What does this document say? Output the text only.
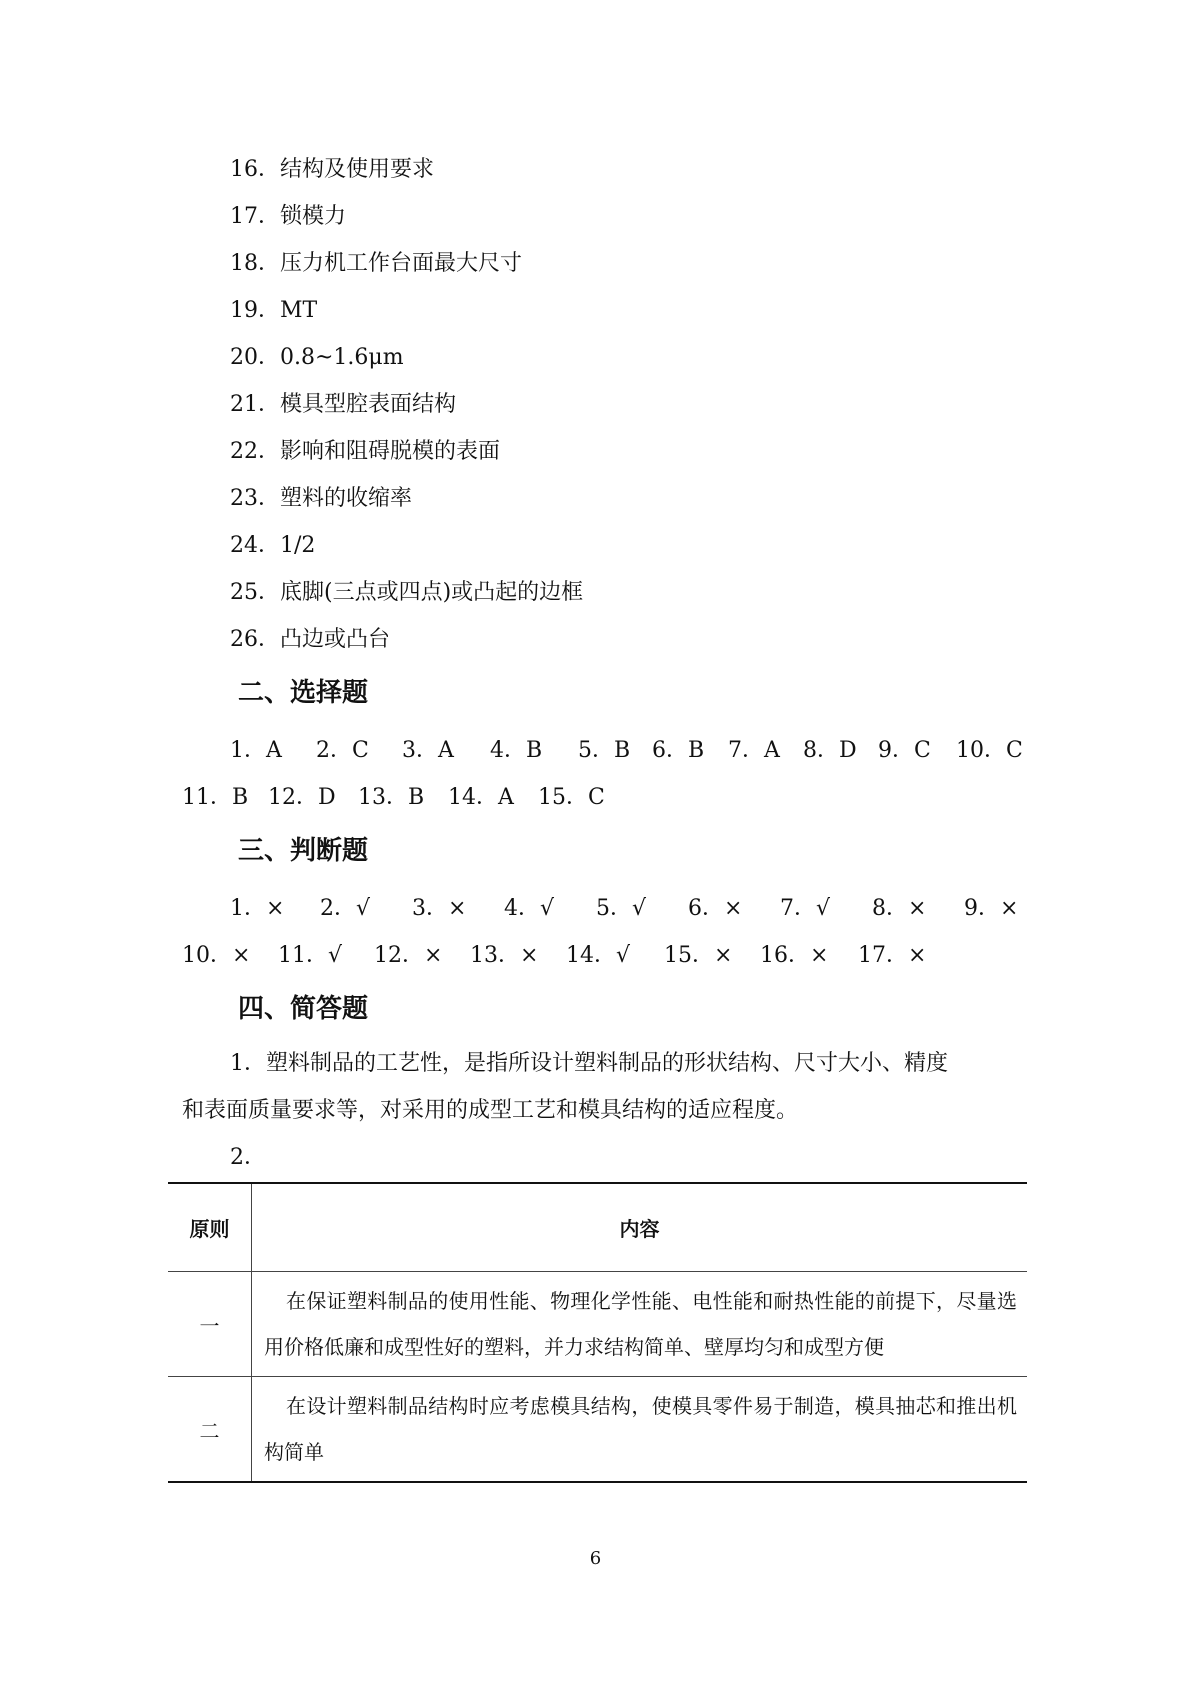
16．结构及使用要求
17．锁模力
18．压力机工作台面最大尺寸
19．MT
20．0.8~1.6μm
21．模具型腔表面结构
22．影响和阻碍脱模的表面
23．塑料的收缩率
24．1/2
25．底脚(三点或四点)或凸起的边框
26．凸边或凸台
二、选择题
1．A 2．C 3．A 4．B 5．B 6．B 7．A 8．D 9．C 10．C
11．B 12．D 13．B 14．A 15．C
三、判断题
1．× 2．√ 3．× 4．√ 5．√ 6．× 7．√ 8．× 9．×
10．× 11．√ 12．× 13．× 14．√ 15．× 16．× 17．×
四、简答题
1．塑料制品的工艺性，是指所设计塑料制品的形状结构、尺寸大小、精度
和表面质量要求等，对采用的成型工艺和模具结构的适应程度。
2．
原则	内容
一	在保证塑料制品的使用性能、物理化学性能、电性能和耐热性能的前提下，尽量选用价格低廉和成型性好的塑料，并力求结构简单、壁厚均匀和成型方便
二	在设计塑料制品结构时应考虑模具结构，使模具零件易于制造，模具抽芯和推出机构简单
6
